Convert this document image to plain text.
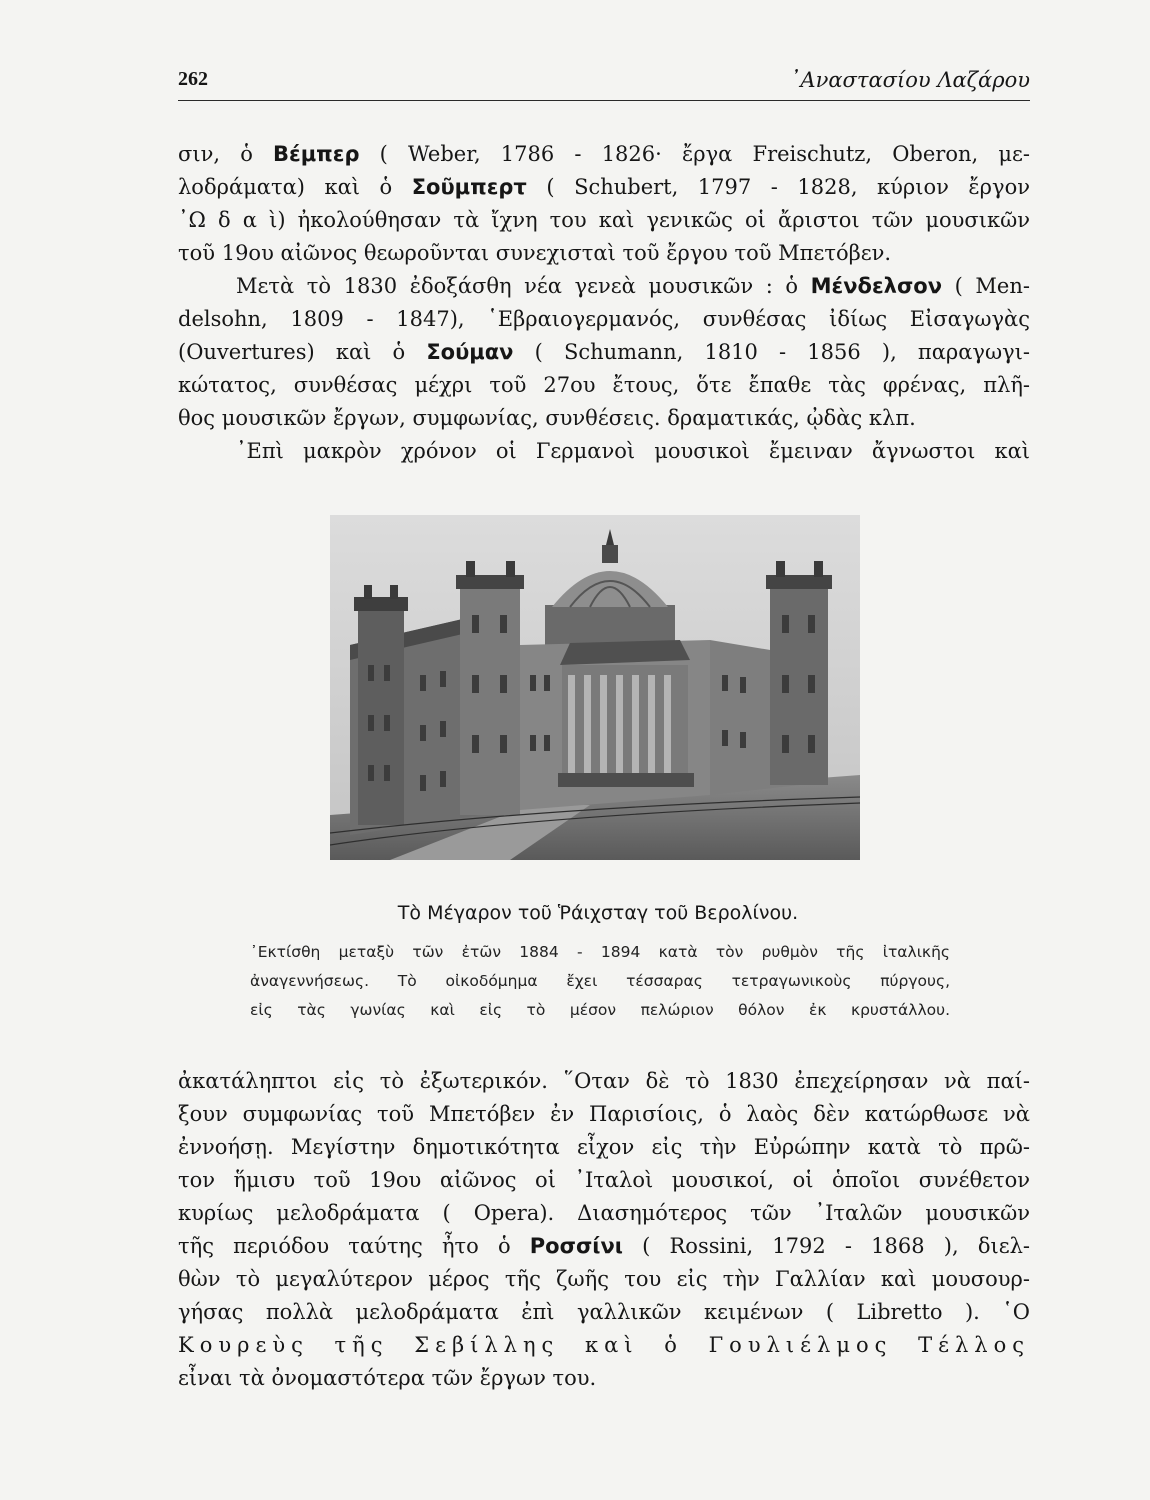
262	᾿Αναστασίου Λαζάρου
σιν, ὁ Βέμπερ ( Weber, 1786 - 1826· ἔργα Freischutz, Oberon, με-
λοδράματα) καὶ ὁ Σοῦμπερτ ( Schubert, 1797 - 1828, κύριον ἔργον
᾿Ω δ α ὶ) ἠκολούθησαν τὰ ἴχνη του καὶ γενικῶς οἱ ἄριστοι τῶν μουσικῶν
τοῦ 19ου αἰῶνος θεωροῦνται συνεχισταὶ τοῦ ἔργου τοῦ Μπετόβεν.
Μετὰ τὸ 1830 ἐδοξάσθη νέα γενεὰ μουσικῶν : ὁ Μένδελσον ( Men-
delsohn, 1809 - 1847), ῾Εβραιογερμανός, συνθέσας ἰδίως Εἰσαγωγὰς
(Ouvertures) καὶ ὁ Σούμαν ( Schumann, 1810 - 1856 ), παραγωγι-
κώτατος, συνθέσας μέχρι τοῦ 27ου ἔτους, ὅτε ἔπαθε τὰς φρένας, πλῆ-
θος μουσικῶν ἔργων, συμφωνίας, συνθέσεις. δραματικάς, ᾠδὰς κλπ.
᾿Επὶ μακρὸν χρόνον οἱ Γερμανοὶ μουσικοὶ ἔμειναν ἄγνωστοι καὶ
Τὸ Μέγαρον τοῦ Ῥάιχσταγ τοῦ Βερολίνου.
᾿Εκτίσθη μεταξὺ τῶν ἐτῶν 1884 - 1894 κατὰ τὸν ρυθμὸν τῆς ἰταλικῆς
ἀναγεννήσεως. Τὸ οἰκοδόμημα ἔχει τέσσαρας τετραγωνικοὺς πύργους,
εἰς τὰς γωνίας καὶ εἰς τὸ μέσον πελώριον θόλον ἐκ κρυστάλλου.
ἀκατάληπτοι εἰς τὸ ἐξωτερικόν. ῞Οταν δὲ τὸ 1830 ἐπεχείρησαν νὰ παί-
ξουν συμφωνίας τοῦ Μπετόβεν ἐν Παρισίοις, ὁ λαὸς δὲν κατώρθωσε νὰ
ἐννοήσῃ. Μεγίστην δημοτικότητα εἶχον εἰς τὴν Εὐρώπην κατὰ τὸ πρῶ-
τον ἥμισυ τοῦ 19ου αἰῶνος οἱ ᾿Ιταλοὶ μουσικοί, οἱ ὁποῖοι συνέθετον
κυρίως μελοδράματα ( Opera). Διασημότερος τῶν ᾿Ιταλῶν μουσικῶν
τῆς περιόδου ταύτης ἦτο ὁ Ροσσίνι ( Rossini, 1792 - 1868 ), διελ-
θὼν τὸ μεγαλύτερον μέρος τῆς ζωῆς του εἰς τὴν Γαλλίαν καὶ μουσουρ-
γήσας πολλὰ μελοδράματα ἐπὶ γαλλικῶν κειμένων ( Libretto ). ῾Ο
Κουρεὺς τῆς Σεβίλλης καὶ ὁ Γουλιέλμος Τέλλος
εἶναι τὰ ὀνομαστότερα τῶν ἔργων του.
